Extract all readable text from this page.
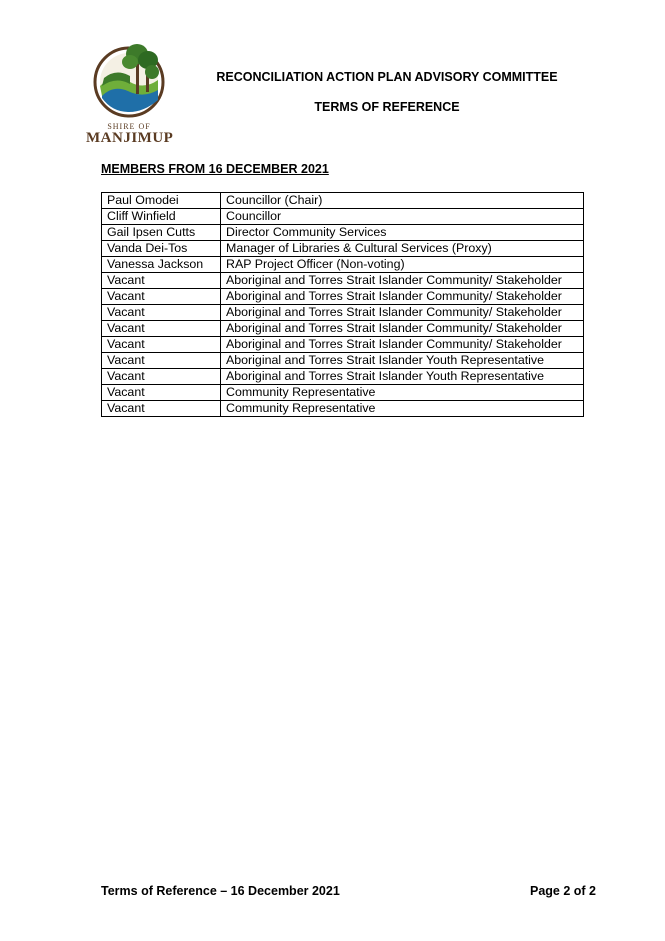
SHIRE OF
MANJIMUP
RECONCILIATION ACTION PLAN ADVISORY COMMITTEE
TERMS OF REFERENCE
MEMBERS FROM 16 DECEMBER 2021
Paul Omodei	Councillor (Chair)
Cliff Winfield	Councillor
Gail Ipsen Cutts	Director Community Services
Vanda Dei-Tos	Manager of Libraries & Cultural Services (Proxy)
Vanessa Jackson	RAP Project Officer (Non-voting)
Vacant	Aboriginal and Torres Strait Islander Community/ Stakeholder
Vacant	Aboriginal and Torres Strait Islander Community/ Stakeholder
Vacant	Aboriginal and Torres Strait Islander Community/ Stakeholder
Vacant	Aboriginal and Torres Strait Islander Community/ Stakeholder
Vacant	Aboriginal and Torres Strait Islander Community/ Stakeholder
Vacant	Aboriginal and Torres Strait Islander Youth Representative
Vacant	Aboriginal and Torres Strait Islander Youth Representative
Vacant	Community Representative
Vacant	Community Representative
Terms of Reference – 16 December 2021	Page 2 of 2
